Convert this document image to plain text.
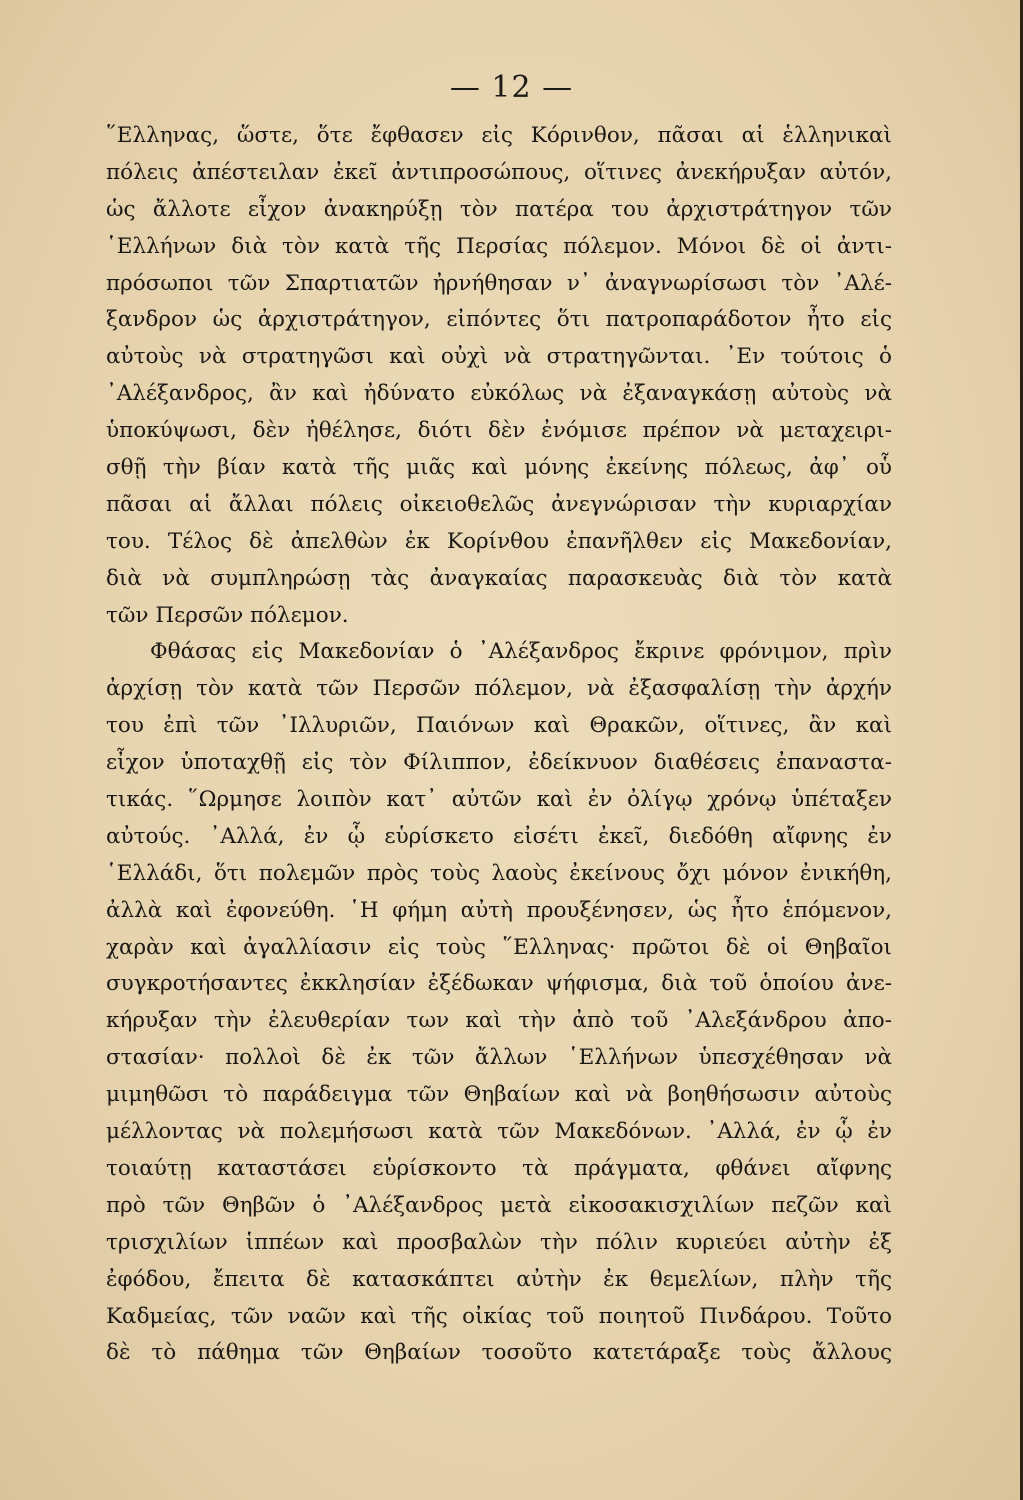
— 12 —
῞Ελληνας, ὥστε, ὅτε ἔφθασεν εἰς Κόρινθον, πᾶσαι αἱ ἑλληνικαὶ
πόλεις ἀπέστειλαν ἐκεῖ ἀντιπροσώπους, οἵτινες ἀνεκήρυξαν αὐτόν,
ὡς ἄλλοτε εἶχον ἀνακηρύξῃ τὸν πατέρα του ἀρχιστράτηγον τῶν
῾Ελλήνων διὰ τὸν κατὰ τῆς Περσίας πόλεμον. Μόνοι δὲ οἱ ἀντι-
πρόσωποι τῶν Σπαρτιατῶν ἠρνήθησαν ν᾿ ἀναγνωρίσωσι τὸν ᾿Αλέ-
ξανδρον ὡς ἀρχιστράτηγον, εἰπόντες ὅτι πατροπαράδοτον ἦτο εἰς
αὐτοὺς νὰ στρατηγῶσι καὶ οὐχὶ νὰ στρατηγῶνται. ᾿Εν τούτοις ὁ
᾿Αλέξανδρος, ἂν καὶ ἠδύνατο εὐκόλως νὰ ἐξαναγκάσῃ αὐτοὺς νὰ
ὑποκύψωσι, δὲν ἠθέλησε, διότι δὲν ἐνόμισε πρέπον νὰ μεταχειρι-
σθῇ τὴν βίαν κατὰ τῆς μιᾶς καὶ μόνης ἐκείνης πόλεως, ἀφ᾿ οὗ
πᾶσαι αἱ ἄλλαι πόλεις οἰκειοθελῶς ἀνεγνώρισαν τὴν κυριαρχίαν
του. Τέλος δὲ ἀπελθὼν ἐκ Κορίνθου ἐπανῆλθεν εἰς Μακεδονίαν,
διὰ νὰ συμπληρώσῃ τὰς ἀναγκαίας παρασκευὰς διὰ τὸν κατὰ
τῶν Περσῶν πόλεμον.
Φθάσας εἰς Μακεδονίαν ὁ ᾿Αλέξανδρος ἔκρινε φρόνιμον, πρὶν
ἀρχίσῃ τὸν κατὰ τῶν Περσῶν πόλεμον, νὰ ἐξασφαλίσῃ τὴν ἀρχήν
του ἐπὶ τῶν ᾿Ιλλυριῶν, Παιόνων καὶ Θρακῶν, οἵτινες, ἂν καὶ
εἶχον ὑποταχθῇ εἰς τὸν Φίλιππον, ἐδείκνυον διαθέσεις ἐπαναστα-
τικάς. ῞Ωρμησε λοιπὸν κατ᾿ αὐτῶν καὶ ἐν ὀλίγῳ χρόνῳ ὑπέταξεν
αὐτούς. ᾿Αλλά, ἐν ᾧ εὑρίσκετο εἰσέτι ἐκεῖ, διεδόθη αἴφνης ἐν
῾Ελλάδι, ὅτι πολεμῶν πρὸς τοὺς λαοὺς ἐκείνους ὄχι μόνον ἐνικήθη,
ἀλλὰ καὶ ἐφονεύθη. ῾Η φήμη αὐτὴ προυξένησεν, ὡς ἦτο ἑπόμενον,
χαρὰν καὶ ἀγαλλίασιν εἰς τοὺς ῞Ελληνας· πρῶτοι δὲ οἱ Θηβαῖοι
συγκροτήσαντες ἐκκλησίαν ἐξέδωκαν ψήφισμα, διὰ τοῦ ὁποίου ἀνε-
κήρυξαν τὴν ἐλευθερίαν των καὶ τὴν ἀπὸ τοῦ ᾿Αλεξάνδρου ἀπο-
στασίαν· πολλοὶ δὲ ἐκ τῶν ἄλλων ῾Ελλήνων ὑπεσχέθησαν νὰ
μιμηθῶσι τὸ παράδειγμα τῶν Θηβαίων καὶ νὰ βοηθήσωσιν αὐτοὺς
μέλλοντας νὰ πολεμήσωσι κατὰ τῶν Μακεδόνων. ᾿Αλλά, ἐν ᾧ ἐν
τοιαύτῃ καταστάσει εὑρίσκοντο τὰ πράγματα, φθάνει αἴφνης
πρὸ τῶν Θηβῶν ὁ ᾿Αλέξανδρος μετὰ εἰκοσακισχιλίων πεζῶν καὶ
τρισχιλίων ἱππέων καὶ προσβαλὼν τὴν πόλιν κυριεύει αὐτὴν ἐξ
ἐφόδου, ἔπειτα δὲ κατασκάπτει αὐτὴν ἐκ θεμελίων, πλὴν τῆς
Καδμείας, τῶν ναῶν καὶ τῆς οἰκίας τοῦ ποιητοῦ Πινδάρου. Τοῦτο
δὲ τὸ πάθημα τῶν Θηβαίων τοσοῦτο κατετάραξε τοὺς ἄλλους
